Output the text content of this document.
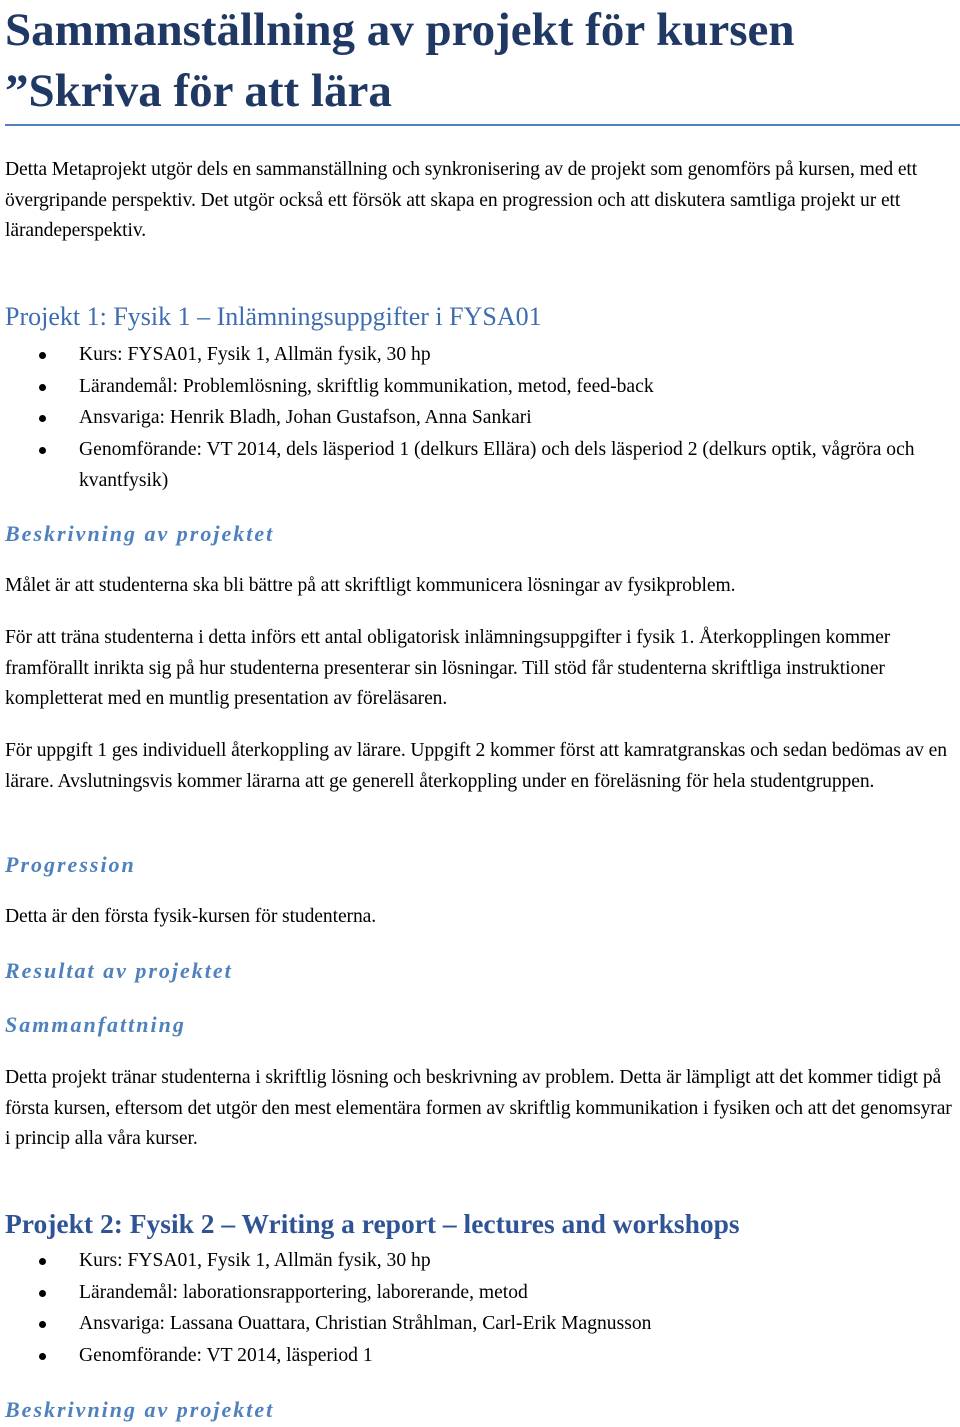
Sammanställning av projekt för kursen
”Skriva för att lära

Detta Metaprojekt utgör dels en sammanställning och synkronisering av de projekt som genomförs på kursen, med ett övergripande perspektiv. Det utgör också ett försök att skapa en progression och att diskutera samtliga projekt ur ett lärandeperspektiv.

Projekt 1: Fysik 1 – Inlämningsuppgifter i FYSA01
Kurs: FYSA01, Fysik 1, Allmän fysik, 30 hp
Lärandemål: Problemlösning, skriftlig kommunikation, metod, feed-back
Ansvariga: Henrik Bladh, Johan Gustafson, Anna Sankari
Genomförande: VT 2014, dels läsperiod 1 (delkurs Ellära) och dels läsperiod 2 (delkurs optik, vågröra och kvantfysik)
Beskrivning av projektet

Målet är att studenterna ska bli bättre på att skriftligt kommunicera lösningar av fysikproblem.

För att träna studenterna i detta införs ett antal obligatorisk inlämningsuppgifter i fysik 1. Återkopplingen kommer framförallt inrikta sig på hur studenterna presenterar sin lösningar. Till stöd får studenterna skriftliga instruktioner kompletterat med en muntlig presentation av föreläsaren.

För uppgift 1 ges individuell återkoppling av lärare. Uppgift 2 kommer först att kamratgranskas och sedan bedömas av en lärare. Avslutningsvis kommer lärarna att ge generell återkoppling under en föreläsning för hela studentgruppen.

Progression

Detta är den första fysik-kursen för studenterna.

Resultat av projektet
Sammanfattning

Detta projekt tränar studenterna i skriftlig lösning och beskrivning av problem. Detta är lämpligt att det kommer tidigt på första kursen, eftersom det utgör den mest elementära formen av skriftlig kommunikation i fysiken och att det genomsyrar i princip alla våra kurser.

Projekt 2: Fysik 2 – Writing a report – lectures and workshops
Kurs: FYSA01, Fysik 1, Allmän fysik, 30 hp
Lärandemål: laborationsrapportering, laborerande, metod
Ansvariga: Lassana Ouattara, Christian Stråhlman, Carl-Erik Magnusson
Genomförande: VT 2014, läsperiod 1
Beskrivning av projektet
